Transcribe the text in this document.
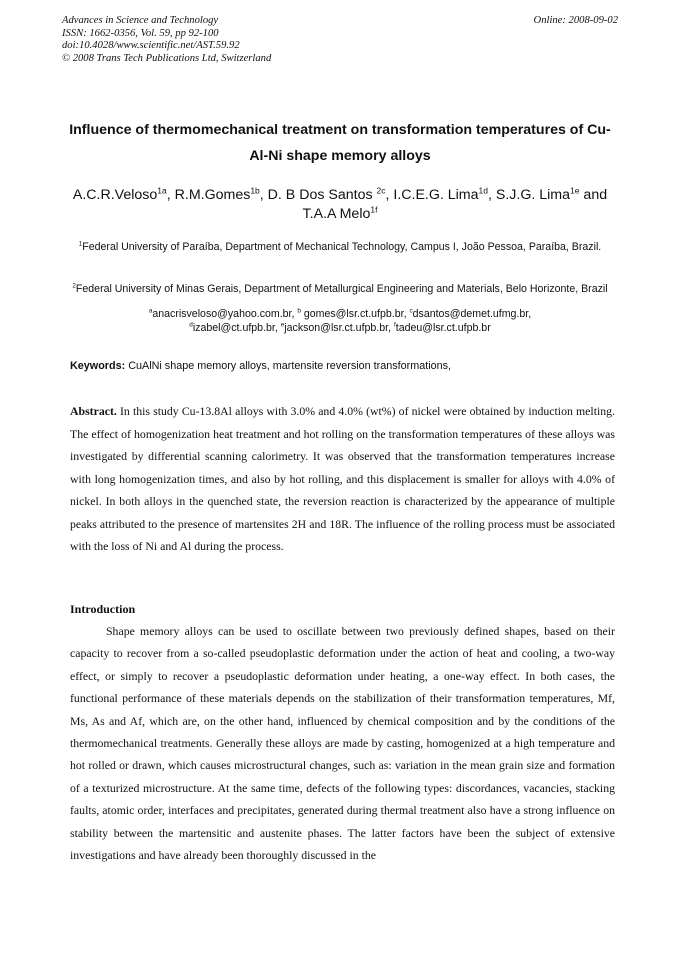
Advances in Science and Technology
ISSN: 1662-0356, Vol. 59, pp 92-100
doi:10.4028/www.scientific.net/AST.59.92
© 2008 Trans Tech Publications Ltd, Switzerland
Online: 2008-09-02
Influence of thermomechanical treatment on transformation temperatures of Cu-Al-Ni shape memory alloys
A.C.R.Veloso$^{1a}$, R.M.Gomes$^{1b}$, D. B Dos Santos $^{2c}$, I.C.E.G. Lima$^{1d}$, S.J.G. Lima$^{1e}$ and T.A.A Melo$^{1f}$
$^1$Federal University of Paraíba, Department of Mechanical Technology, Campus I, João Pessoa, Paraíba, Brazil.
$^2$Federal University of Minas Gerais, Department of Metallurgical Engineering and Materials, Belo Horizonte, Brazil
$^a$anacrisveloso@yahoo.com.br, $^b$ gomes@lsr.ct.ufpb.br, $^c$dsantos@demet.ufmg.br,
$^d$izabel@ct.ufpb.br, $^e$jackson@lsr.ct.ufpb.br, $^f$tadeu@lsr.ct.ufpb.br
Keywords: CuAlNi shape memory alloys, martensite reversion transformations,
Abstract. In this study Cu-13.8Al alloys with 3.0% and 4.0% (wt%) of nickel were obtained by induction melting. The effect of homogenization heat treatment and hot rolling on the transformation temperatures of these alloys was investigated by differential scanning calorimetry. It was observed that the transformation temperatures increase with long homogenization times, and also by hot rolling, and this displacement is smaller for alloys with 4.0% of nickel. In both alloys in the quenched state, the reversion reaction is characterized by the appearance of multiple peaks attributed to the presence of martensites 2H and 18R. The influence of the rolling process must be associated with the loss of Ni and Al during the process.
Introduction
Shape memory alloys can be used to oscillate between two previously defined shapes, based on their capacity to recover from a so-called pseudoplastic deformation under the action of heat and cooling, a two-way effect, or simply to recover a pseudoplastic deformation under heating, a one-way effect. In both cases, the functional performance of these materials depends on the stabilization of their transformation temperatures, Mf, Ms, As and Af, which are, on the other hand, influenced by chemical composition and by the conditions of the thermomechanical treatments. Generally these alloys are made by casting, homogenized at a high temperature and hot rolled or drawn, which causes microstructural changes, such as: variation in the mean grain size and formation of a texturized microstructure. At the same time, defects of the following types: discordances, vacancies, stacking faults, atomic order, interfaces and precipitates, generated during thermal treatment also have a strong influence on stability between the martensitic and austenite phases. The latter factors have been the subject of extensive investigations and have already been thoroughly discussed in the
